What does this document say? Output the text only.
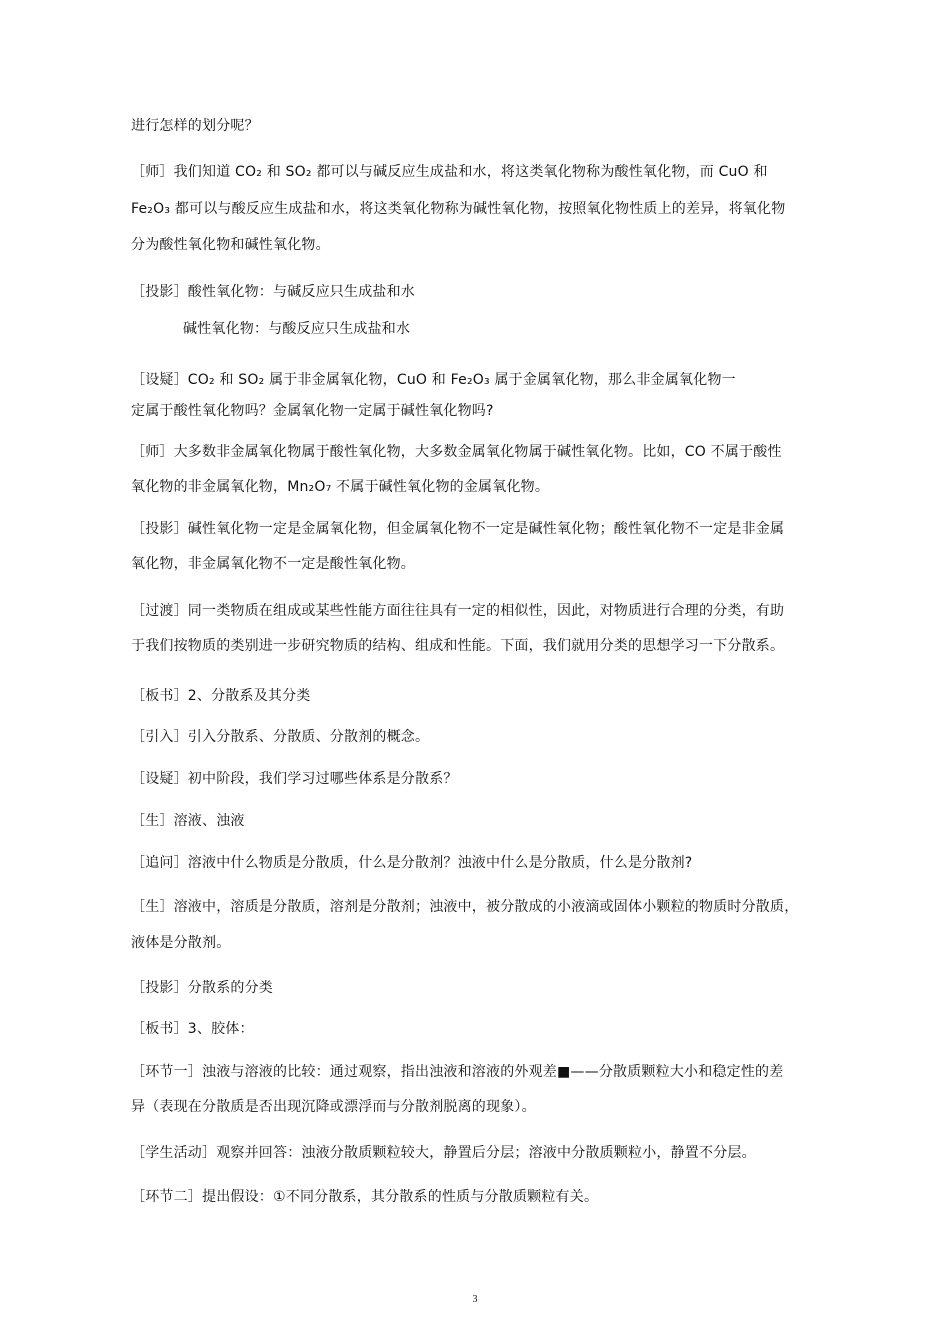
进行怎样的划分呢？
［师］我们知道 CO₂ 和 SO₂ 都可以与碱反应生成盐和水，将这类氧化物称为酸性氧化物，而 CuO 和
Fe₂O₃ 都可以与酸反应生成盐和水，将这类氧化物称为碱性氧化物，按照氧化物性质上的差异，将氧化物
分为酸性氧化物和碱性氧化物。
［投影］酸性氧化物：与碱反应只生成盐和水
碱性氧化物：与酸反应只生成盐和水
［设疑］CO₂ 和 SO₂ 属于非金属氧化物，CuO 和 Fe₂O₃ 属于金属氧化物，那么非金属氧化物一
定属于酸性氧化物吗？金属氧化物一定属于碱性氧化物吗?
［师］大多数非金属氧化物属于酸性氧化物，大多数金属氧化物属于碱性氧化物。比如，CO 不属于酸性
氧化物的非金属氧化物，Mn₂O₇ 不属于碱性氧化物的金属氧化物。
［投影］碱性氧化物一定是金属氧化物，但金属氧化物不一定是碱性氧化物；酸性氧化物不一定是非金属
氧化物，非金属氧化物不一定是酸性氧化物。
［过渡］同一类物质在组成或某些性能方面往往具有一定的相似性，因此，对物质进行合理的分类，有助
于我们按物质的类别进一步研究物质的结构、组成和性能。下面，我们就用分类的思想学习一下分散系。
［板书］2、分散系及其分类
［引入］引入分散系、分散质、分散剂的概念。
［设疑］初中阶段，我们学习过哪些体系是分散系？
［生］溶液、浊液
［追问］溶液中什么物质是分散质，什么是分散剂？浊液中什么是分散质，什么是分散剂?
［生］溶液中，溶质是分散质，溶剂是分散剂；浊液中，被分散成的小液滴或固体小颗粒的物质时分散质，
液体是分散剂。
［投影］分散系的分类
［板书］3、胶体：
［环节一］浊液与溶液的比较：通过观察，指出浊液和溶液的外观差■——分散质颗粒大小和稳定性的差
异（表现在分散质是否出现沉降或漂浮而与分散剂脱离的现象）。
［学生活动］观察并回答：浊液分散质颗粒较大，静置后分层；溶液中分散质颗粒小，静置不分层。
［环节二］提出假设：①不同分散系，其分散系的性质与分散质颗粒有关。
3
